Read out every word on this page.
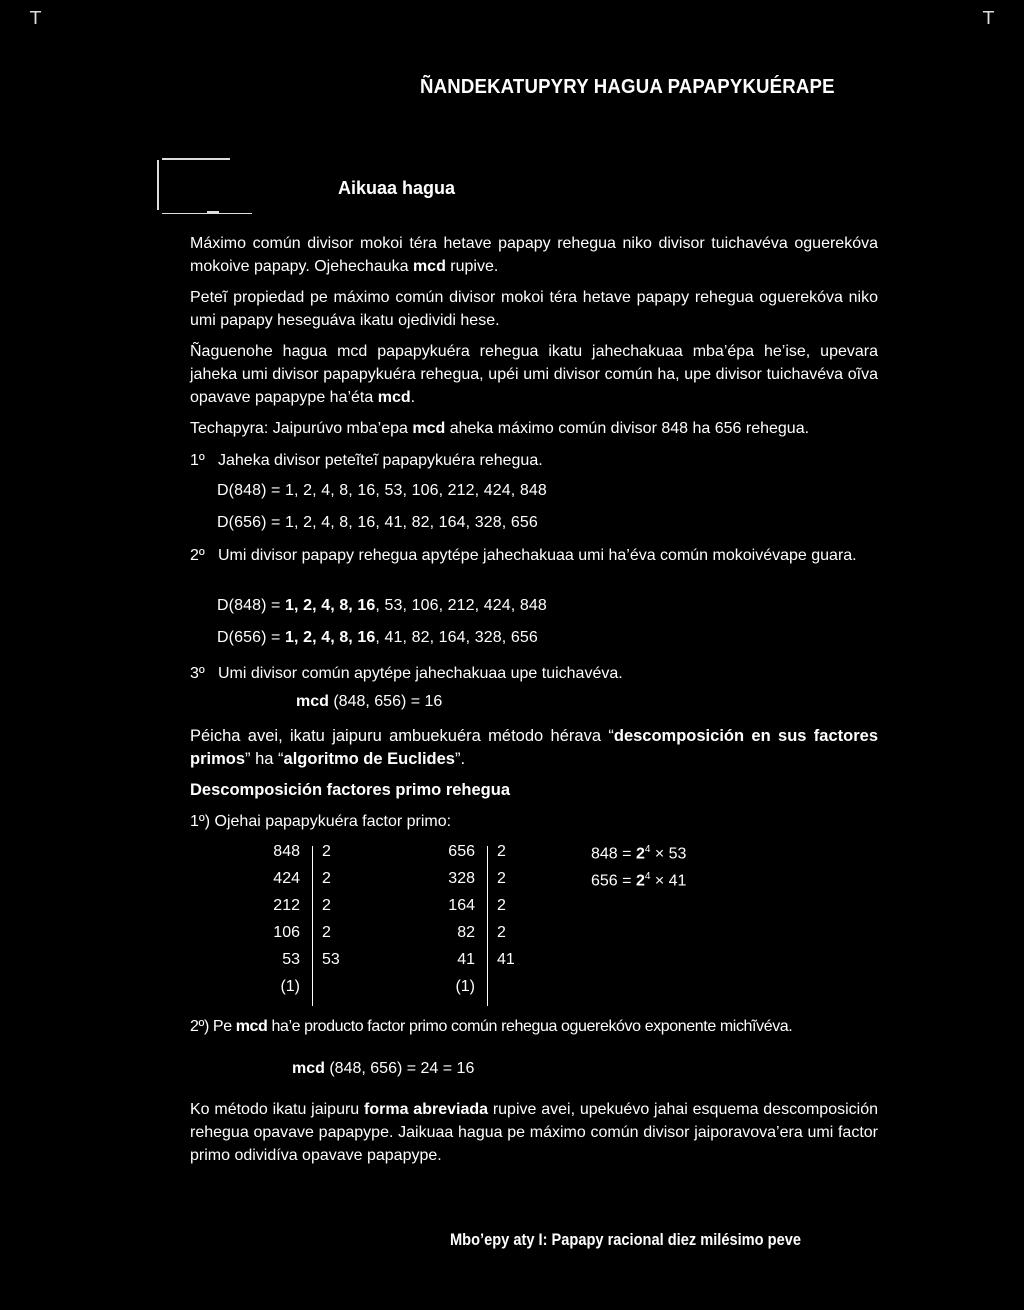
T	T
ÑANDEKATUPYRY HAGUA PAPAPYKUÉRAPE
Aikuaa hagua
Máximo común divisor mokoi téra hetave papapy rehegua niko divisor tuichavéva oguerekóva mokoive papapy. Ojehechauka mcd rupive.
Peteĩ propiedad pe máximo común divisor mokoi téra hetave papapy rehegua oguerekóva niko umi papapy heseguáva ikatu ojedividi hese.
Ñaguenohe hagua mcd papapykuéra rehegua ikatu jahechakuaa mba’épa he’ise, upevara jaheka umi divisor papapykuéra rehegua, upéi umi divisor común ha, upe divisor tuichavéva oĩva opavave papapype ha’éta mcd.
Techapyra: Jaipurúvo mba’epa mcd aheka máximo común divisor 848 ha 656 rehegua.
1º Jaheka divisor peteĩteĩ papapykuéra rehegua.
D(848) = 1, 2, 4, 8, 16, 53, 106, 212, 424, 848
D(656) = 1, 2, 4, 8, 16, 41, 82, 164, 328, 656
2º Umi divisor papapy rehegua apytépe jahechakuaa umi ha’éva común mokoivévape guara.
D(848) = 1, 2, 4, 8, 16, 53, 106, 212, 424, 848
D(656) = 1, 2, 4, 8, 16, 41, 82, 164, 328, 656
3º Umi divisor común apytépe jahechakuaa upe tuichavéva.
mcd (848, 656) = 16
Péicha avei, ikatu jaipuru ambuekuéra método hérava “descomposición en sus factores primos” ha “algoritmo de Euclides”.
Descomposición factores primo rehegua
1º) Ojehai papapykuéra factor primo:
848 2
424 2
212 2
106 2
53 53
(1)
656 2
328 2
164 2
82 2
41 41
(1)
$848 = 2^4 \times 53$
$656 = 2^4 \times 41$
2º) Pe mcd ha’e producto factor primo común rehegua oguerekóvo exponente michĩvéva.
mcd (848, 656) = 24 = 16
Ko método ikatu jaipuru forma abreviada rupive avei, upekuévo jahai esquema descomposición rehegua opavave papapype. Jaikuaa hagua pe máximo común divisor jaiporavova’era umi factor primo odividíva opavave papapype.
Mbo’epy aty I: Papapy racional diez milésimo peve
